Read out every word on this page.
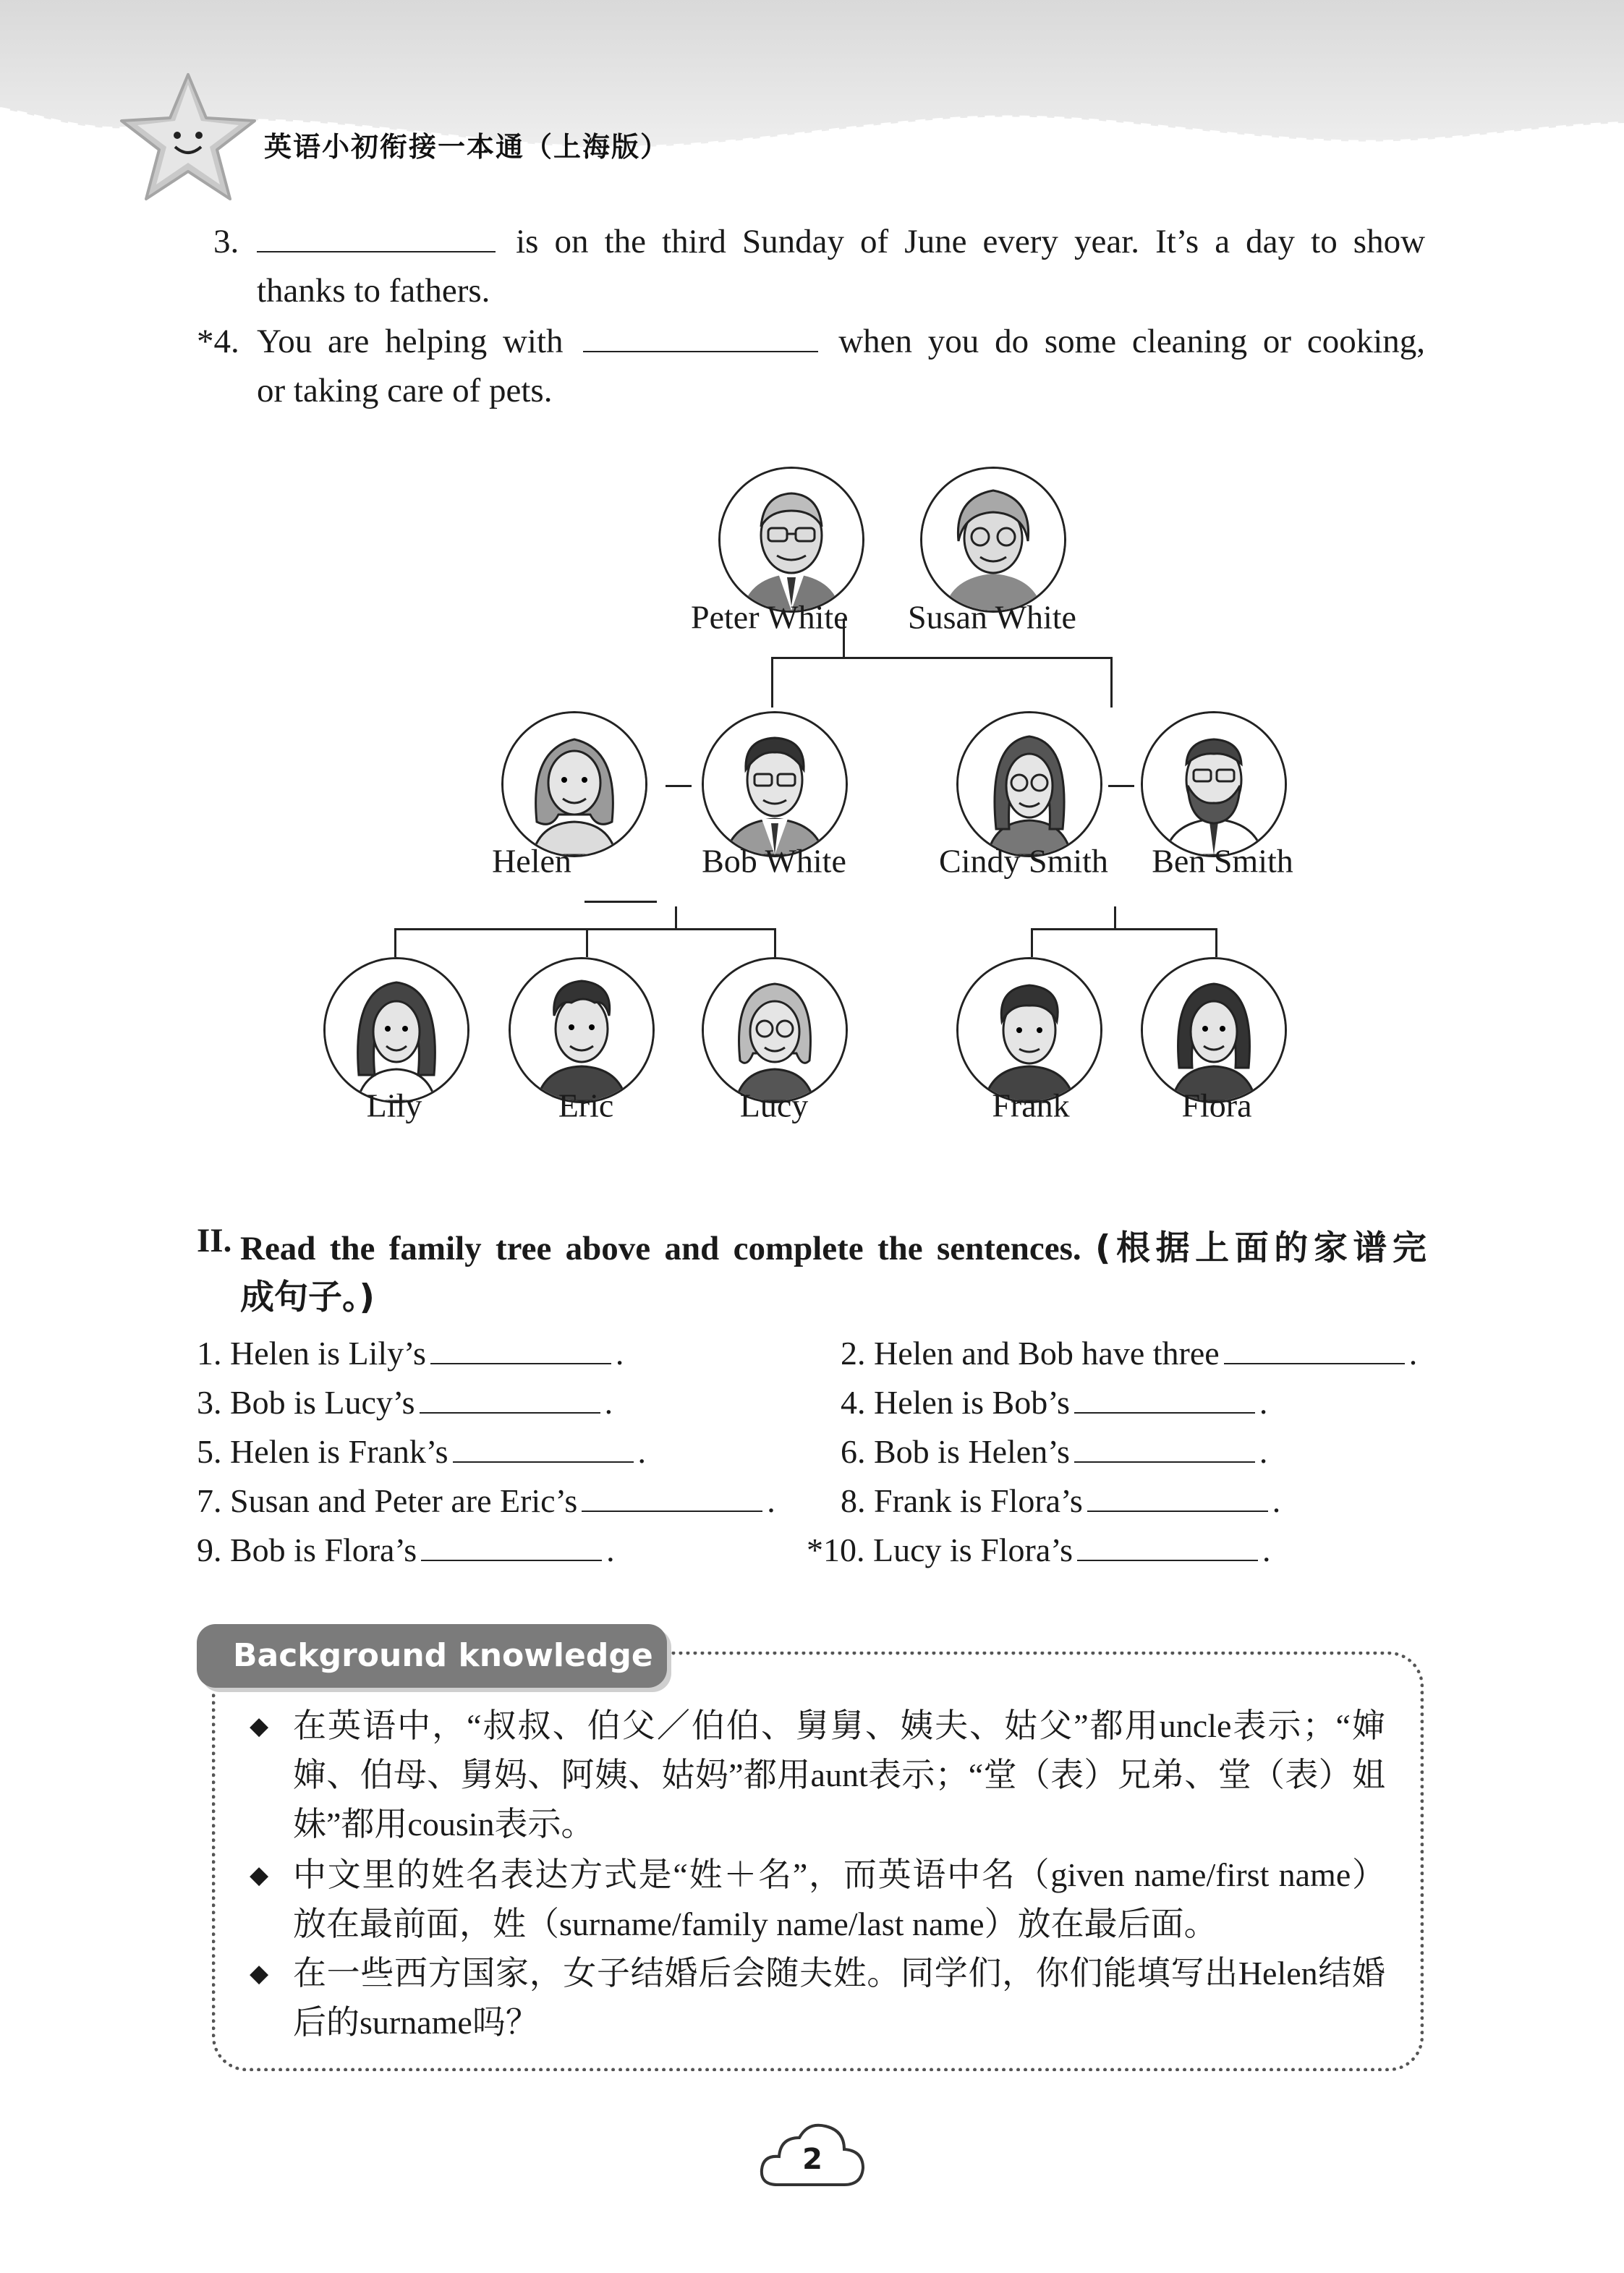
英语小初衔接一本通（上海版）
3.	is on the third Sunday of June every year. It’s a day to show
thanks to fathers.
*4. You are helping with	when you do some cleaning or cooking,
or taking care of pets.
Peter White	Susan White
Helen	Bob White	Cindy Smith	Ben Smith
Lily	Eric	Lucy	Frank	Flora
II. Read the family tree above and complete the sentences. (根据上面的家谱完
成句子。)
1. Helen is Lily’s	.	2. Helen and Bob have three	.
3. Bob is Lucy’s	.	4. Helen is Bob’s	.
5. Helen is Frank’s	.	6. Bob is Helen’s	.
7. Susan and Peter are Eric’s	. 8. Frank is Flora’s	.
9. Bob is Flora’s	.	*10. Lucy is Flora’s	.
Background knowledge
◆ 在英语中，“叔叔、伯父／伯伯、舅舅、姨夫、姑父”都用uncle表示；“婶婶、伯母、舅妈、阿姨、姑妈”都用aunt表示；“堂（表）兄弟、堂（表）姐妹”都用cousin表示。
◆ 中文里的姓名表达方式是“姓＋名”，而英语中名（given name/first name）放在最前面，姓（surname/family name/last name）放在最后面。
◆ 在一些西方国家，女子结婚后会随夫姓。同学们，你们能填写出Helen结婚后的surname吗？
2
